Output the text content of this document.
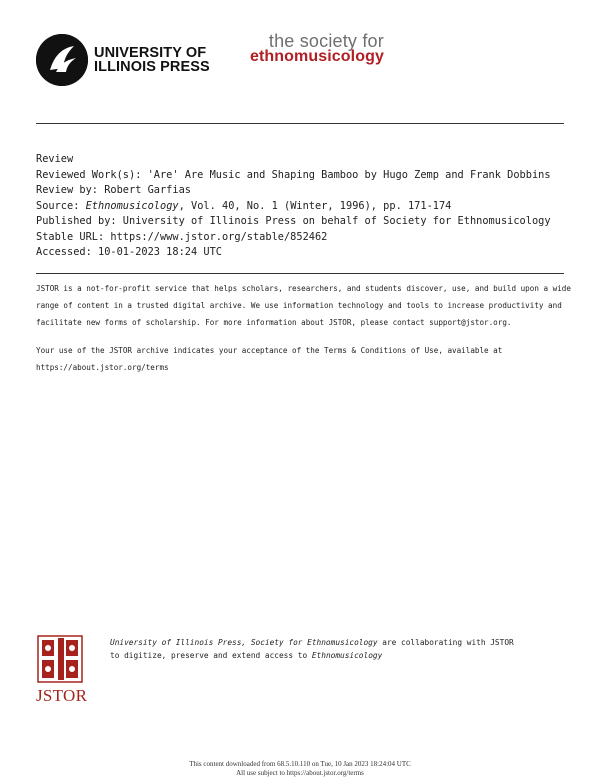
UNIVERSITY OF
ILLINOIS PRESS
the society for
ethnomusicology
Review
Reviewed Work(s): 'Are' Are Music and Shaping Bamboo by Hugo Zemp and Frank Dobbins
Review by: Robert Garfias
Source: Ethnomusicology, Vol. 40, No. 1 (Winter, 1996), pp. 171-174
Published by: University of Illinois Press on behalf of Society for Ethnomusicology
Stable URL: https://www.jstor.org/stable/852462
Accessed: 10-01-2023 18:24 UTC
JSTOR is a not-for-profit service that helps scholars, researchers, and students discover, use, and build upon a wide
range of content in a trusted digital archive. We use information technology and tools to increase productivity and
facilitate new forms of scholarship. For more information about JSTOR, please contact support@jstor.org.
Your use of the JSTOR archive indicates your acceptance of the Terms & Conditions of Use, available at
https://about.jstor.org/terms
JSTOR
University of Illinois Press, Society for Ethnomusicology are collaborating with JSTOR
to digitize, preserve and extend access to Ethnomusicology
This content downloaded from 68.5.10.110 on Tue, 10 Jan 2023 18:24:04 UTC
All use subject to https://about.jstor.org/terms
